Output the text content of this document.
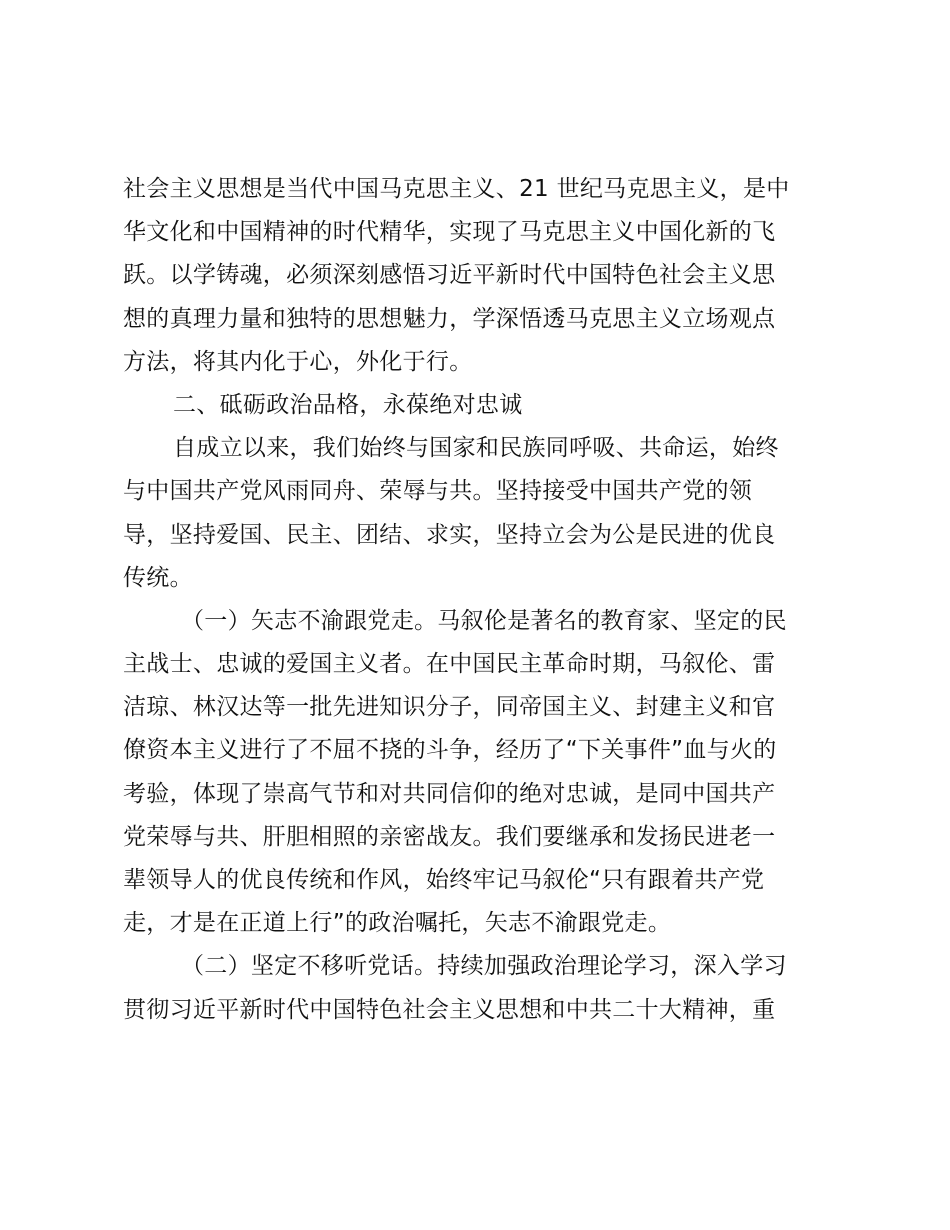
社会主义思想是当代中国马克思主义、21 世纪马克思主义，是中
华文化和中国精神的时代精华，实现了马克思主义中国化新的飞
跃。以学铸魂，必须深刻感悟习近平新时代中国特色社会主义思
想的真理力量和独特的思想魅力，学深悟透马克思主义立场观点
方法，将其内化于心，外化于行。
二、砥砺政治品格，永葆绝对忠诚
自成立以来，我们始终与国家和民族同呼吸、共命运，始终
与中国共产党风雨同舟、荣辱与共。坚持接受中国共产党的领
导，坚持爱国、民主、团结、求实，坚持立会为公是民进的优良
传统。
（一）矢志不渝跟党走。马叙伦是著名的教育家、坚定的民
主战士、忠诚的爱国主义者。在中国民主革命时期，马叙伦、雷
洁琼、林汉达等一批先进知识分子，同帝国主义、封建主义和官
僚资本主义进行了不屈不挠的斗争，经历了“下关事件”血与火的
考验，体现了崇高气节和对共同信仰的绝对忠诚，是同中国共产
党荣辱与共、肝胆相照的亲密战友。我们要继承和发扬民进老一
辈领导人的优良传统和作风，始终牢记马叙伦“只有跟着共产党
走，才是在正道上行”的政治嘱托，矢志不渝跟党走。
（二）坚定不移听党话。持续加强政治理论学习，深入学习
贯彻习近平新时代中国特色社会主义思想和中共二十大精神，重
